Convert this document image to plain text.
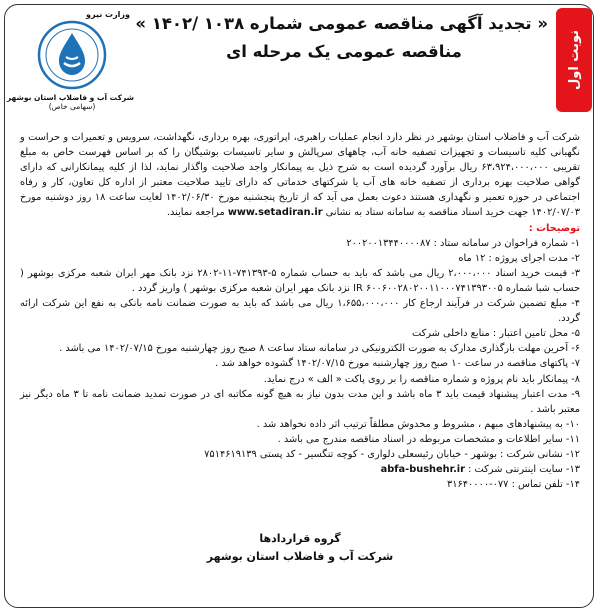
نوبت اول
« تجدید آگهی مناقصه عمومی شماره ۱۰۳۸ /۱۴۰۲ »
مناقصه عمومی یک مرحله ای
وزارت نیرو
شرکت آب و فاضلاب استان بوشهر
(سهامی خاص)

شرکت آب و فاضلاب استان بوشهر در نظر دارد انجام عملیات راهبری، اپراتوری، بهره برداری، نگهداشت، سرویس و تعمیرات و حراست و نگهبانی کلیه تاسیسات و تجهیزات تصفیه خانه آب، چاههای سرپالش و سایر تاسیسات بوشیگان را که بر اساس فهرست خاص به مبلغ تقریبی ۶۳،۹۲۴،۰۰۰،۰۰۰ ریال برآورد گردیده است به شرح ذیل به پیمانکار واجد صلاحیت واگذار نماید، لذا از کلیه پیمانکارانی که دارای گواهی صلاحیت بهره برداری از تصفیه خانه های آب یا شرکتهای خدماتی که دارای تایید صلاحیت معتبر از اداره کل تعاون، کار و رفاه اجتماعی در حوزه تعمیر و نگهداری هستند دعوت بعمل می آید که از تاریخ پنجشنبه مورخ ۱۴۰۲/۰۶/۳۰ لغایت ساعت ۱۸ روز دوشنبه مورخ ۱۴۰۲/۰۷/۰۳ جهت خرید اسناد مناقصه به سامانه ستاد به نشانی www.setadiran.ir مراجعه نمایند.

توضیحات :

۱- شماره فراخوان در سامانه ستاد : ۲۰۰۲۰۰۱۳۴۴۰۰۰۰۸۷

۲- مدت اجرای پروژه : ۱۲ ماه

۳- قیمت خرید اسناد ۲،۰۰۰،۰۰۰ ریال می باشد که باید به حساب شماره ۵-۷۴۱۳۹۳-۱۱-۲۸۰۲ نزد بانک مهر ایران شعبه مرکزی بوشهر ( حساب شبا شماره IR ۶۰۰۶۰۰۲۸۰۲۰۰۱۱۰۰۰۷۴۱۳۹۳۰۰۵ نزد بانک مهر ایران شعبه مرکزی بوشهر ) واریز گردد .

۴- مبلغ تضمین شرکت در فرآیند ارجاع کار ۱،۶۵۵،۰۰۰،۰۰۰ ریال می باشد که باید به صورت ضمانت نامه بانکی به نفع این شرکت ارائه گردد.

۵- محل تامین اعتبار : منابع داخلی شرکت

۶- آخرین مهلت بارگذاری مدارک به صورت الکترونیکی در سامانه ستاد ساعت ۸ صبح روز چهارشنبه مورخ ۱۴۰۲/۰۷/۱۵ می باشد .

۷- پاکتهای مناقصه در ساعت ۱۰ صبح روز چهارشنبه مورخ ۱۴۰۲/۰۷/۱۵ گشوده خواهد شد .

۸- پیمانکار باید نام پروژه و شماره مناقصه را بر روی پاکت « الف » درج نماید.

۹- مدت اعتبار پیشنهاد قیمت باید ۳ ماه باشد و این مدت بدون نیاز به هیچ گونه مکاتبه ای در صورت تمدید ضمانت نامه تا ۳ ماه دیگر نیز معتبر باشد .

۱۰- به پیشنهادهای مبهم ، مشروط و مخدوش مطلقاً ترتیب اثر داده نخواهد شد .

۱۱- سایر اطلاعات و مشخصات مربوطه در اسناد مناقصه مندرج می باشد .

۱۲- نشانی شرکت : بوشهر - خیابان رئیسعلی دلواری - کوچه تنگسیر - کد پستی ۷۵۱۴۶۱۹۱۳۹

۱۳- سایت اینترنتی شرکت : abfa-bushehr.ir

۱۴- تلفن تماس : ۰۷۷-۳۱۶۴۰۰۰۰

گروه قراردادها
شرکت آب و فاضلاب استان بوشهر
